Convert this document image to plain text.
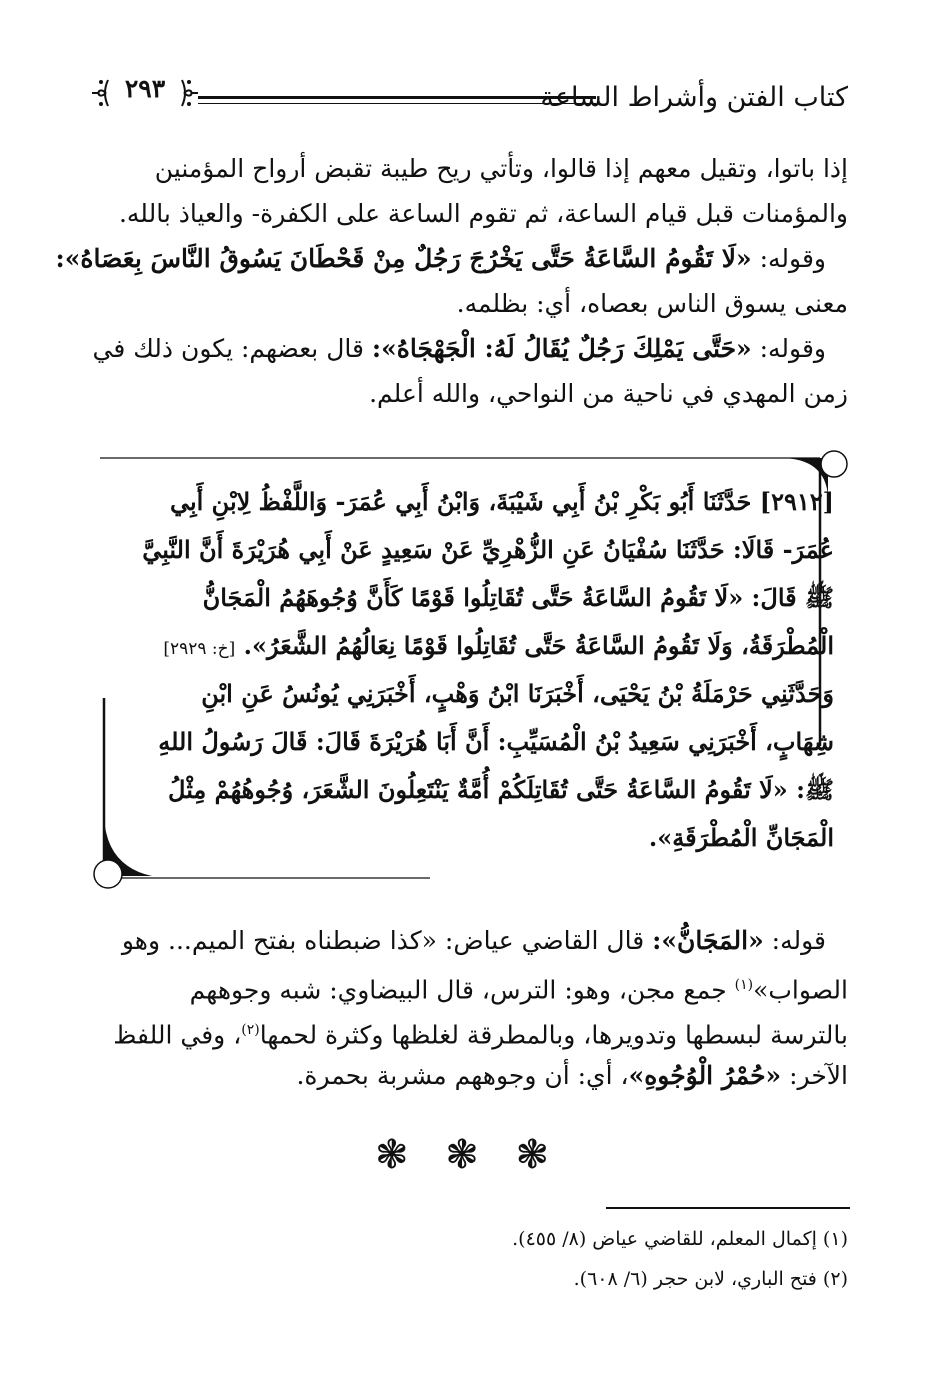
كتاب الفتن وأشراط الساعة
٢٩٣
إذا باتوا، وتقيل معهم إذا قالوا، وتأتي ريح طيبة تقبض أرواح المؤمنين
والمؤمنات قبل قيام الساعة، ثم تقوم الساعة على الكفرة- والعياذ بالله.
وقوله: «لَا تَقُومُ السَّاعَةُ حَتَّى يَخْرُجَ رَجُلٌ مِنْ قَحْطَانَ يَسُوقُ النَّاسَ بِعَصَاهُ»:
معنى يسوق الناس بعصاه، أي: بظلمه.
وقوله: «حَتَّى يَمْلِكَ رَجُلٌ يُقَالُ لَهُ: الْجَهْجَاهُ»: قال بعضهم: يكون ذلك في
زمن المهدي في ناحية من النواحي، والله أعلم.
[٢٩١٢] حَدَّثَنَا أَبُو بَكْرِ بْنُ أَبِي شَيْبَةَ، وَابْنُ أَبِي عُمَرَ- وَاللَّفْظُ لِابْنِ أَبِي
عُمَرَ- قَالَا: حَدَّثَنَا سُفْيَانُ عَنِ الزُّهْرِيِّ عَنْ سَعِيدٍ عَنْ أَبِي هُرَيْرَةَ أَنَّ النَّبِيَّ
ﷺ قَالَ: «لَا تَقُومُ السَّاعَةُ حَتَّى تُقَاتِلُوا قَوْمًا كَأَنَّ وُجُوهَهُمُ الْمَجَانُّ
الْمُطْرَقَةُ، وَلَا تَقُومُ السَّاعَةُ حَتَّى تُقَاتِلُوا قَوْمًا نِعَالُهُمُ الشَّعَرُ». [خ: ٢٩٢٩]
وَحَدَّثَنِي حَرْمَلَةُ بْنُ يَحْيَى، أَخْبَرَنَا ابْنُ وَهْبٍ، أَخْبَرَنِي يُونُسُ عَنِ ابْنِ
شِهَابٍ، أَخْبَرَنِي سَعِيدُ بْنُ الْمُسَيِّبِ: أَنَّ أَبَا هُرَيْرَةَ قَالَ: قَالَ رَسُولُ اللهِ
ﷺ: «لَا تَقُومُ السَّاعَةُ حَتَّى تُقَاتِلَكُمْ أُمَّةٌ يَنْتَعِلُونَ الشَّعَرَ، وُجُوهُهُمْ مِثْلُ
الْمَجَانِّ الْمُطْرَقَةِ».
قوله: «المَجَانُّ»: قال القاضي عياض: «كذا ضبطناه بفتح الميم... وهو
الصواب»$^{(١)}$ جمع مجن، وهو: الترس، قال البيضاوي: شبه وجوههم
بالترسة لبسطها وتدويرها، وبالمطرقة لغلظها وكثرة لحمها$^{(٢)}$، وفي اللفظ
الآخر: «حُمْرُ الْوُجُوهِ»، أي: أن وجوههم مشربة بحمرة.
❃ ❃ ❃
(١) إكمال المعلم، للقاضي عياض (٨/ ٤٥٥).
(٢) فتح الباري، لابن حجر (٦/ ٦٠٨).
